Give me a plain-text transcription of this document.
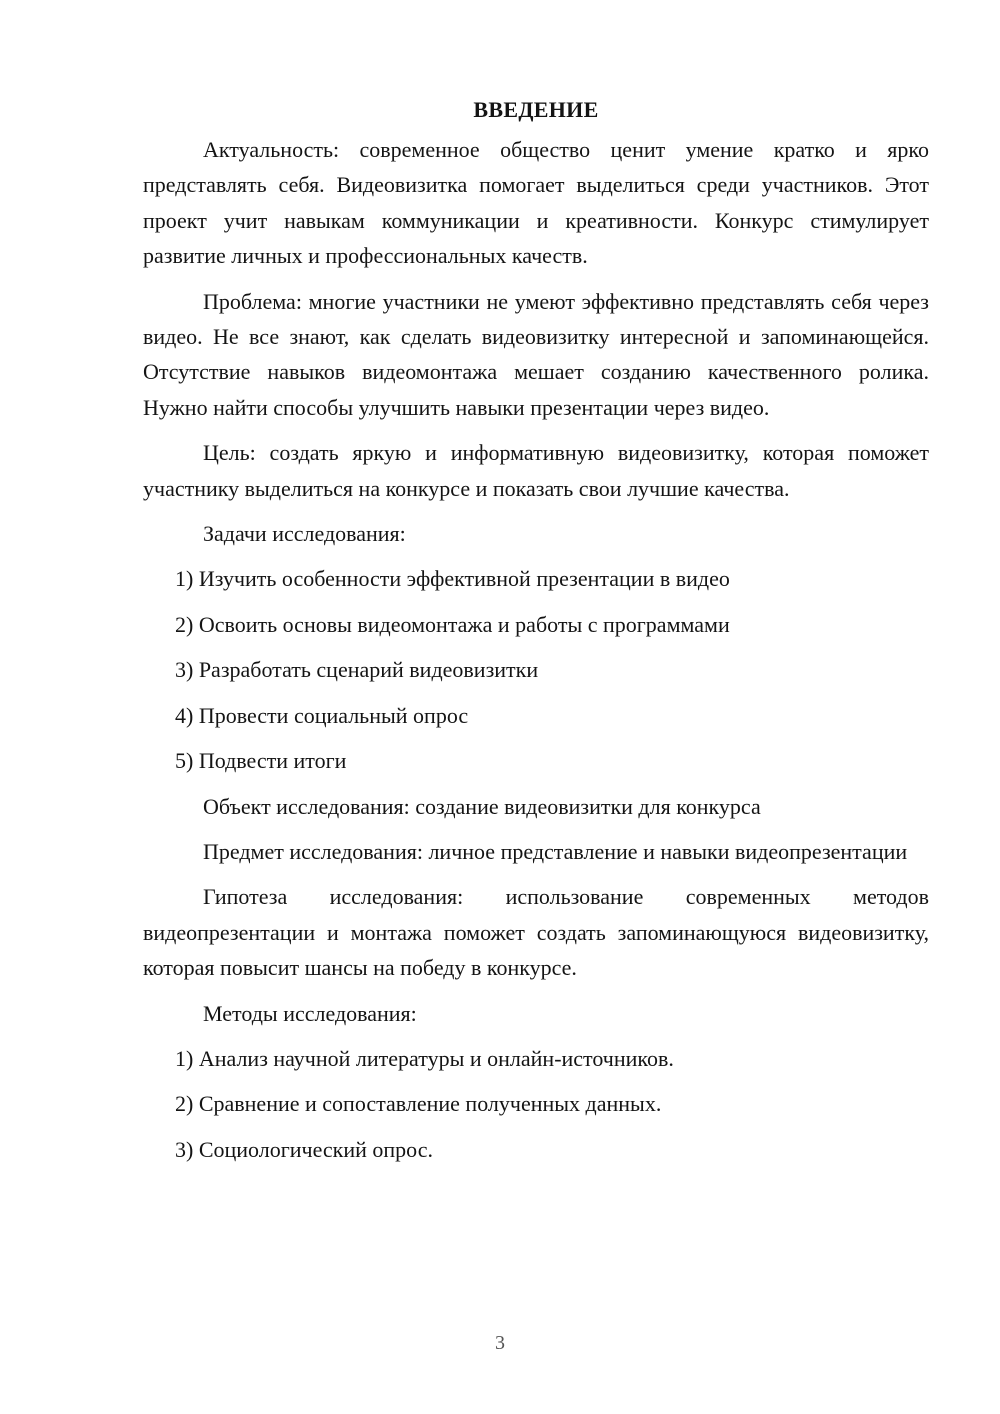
ВВЕДЕНИЕ

Актуальность: современное общество ценит умение кратко и ярко представлять себя. Видеовизитка помогает выделиться среди участников. Этот проект учит навыкам коммуникации и креативности. Конкурс стимулирует развитие личных и профессиональных качеств.

Проблема: многие участники не умеют эффективно представлять себя через видео. Не все знают, как сделать видеовизитку интересной и запоминающейся. Отсутствие навыков видеомонтажа мешает созданию качественного ролика. Нужно найти способы улучшить навыки презентации через видео.

Цель: создать яркую и информативную видеовизитку, которая поможет участнику выделиться на конкурсе и показать свои лучшие качества.

Задачи исследования:

1) Изучить особенности эффективной презентации в видео
2) Освоить основы видеомонтажа и работы с программами
3) Разработать сценарий видеовизитки
4) Провести социальный опрос
5) Подвести итоги

Объект исследования: создание видеовизитки для конкурса

Предмет исследования: личное представление и навыки видеопрезентации

Гипотеза исследования: использование современных методов видеопрезентации и монтажа поможет создать запоминающуюся видеовизитку, которая повысит шансы на победу в конкурсе.

Методы исследования:

1) Анализ научной литературы и онлайн-источников.
2) Сравнение и сопоставление полученных данных.
3) Социологический опрос.
3
